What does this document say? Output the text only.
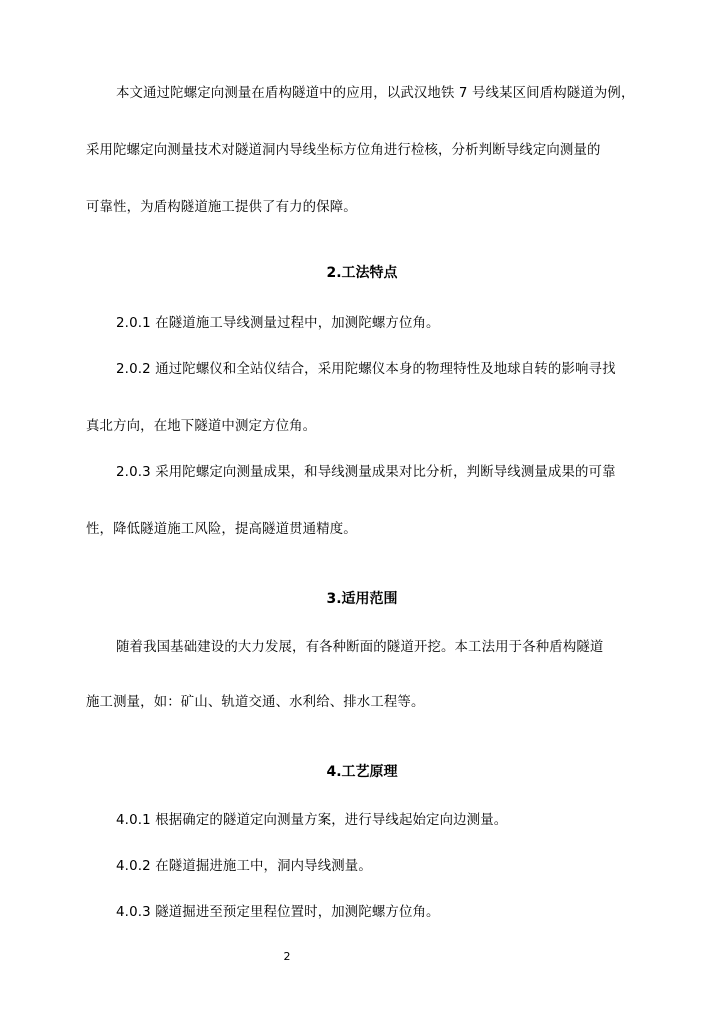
本文通过陀螺定向测量在盾构隧道中的应用，以武汉地铁 7 号线某区间盾构隧道为例，
采用陀螺定向测量技术对隧道洞内导线坐标方位角进行检核，分析判断导线定向测量的
可靠性，为盾构隧道施工提供了有力的保障。
2.工法特点
2.0.1 在隧道施工导线测量过程中，加测陀螺方位角。
2.0.2 通过陀螺仪和全站仪结合，采用陀螺仪本身的物理特性及地球自转的影响寻找
真北方向，在地下隧道中测定方位角。
2.0.3 采用陀螺定向测量成果，和导线测量成果对比分析，判断导线测量成果的可靠
性，降低隧道施工风险，提高隧道贯通精度。
3.适用范围
随着我国基础建设的大力发展，有各种断面的隧道开挖。本工法用于各种盾构隧道
施工测量，如：矿山、轨道交通、水利给、排水工程等。
4.工艺原理
4.0.1 根据确定的隧道定向测量方案，进行导线起始定向边测量。
4.0.2 在隧道掘进施工中，洞内导线测量。
4.0.3 隧道掘进至预定里程位置时，加测陀螺方位角。
2
